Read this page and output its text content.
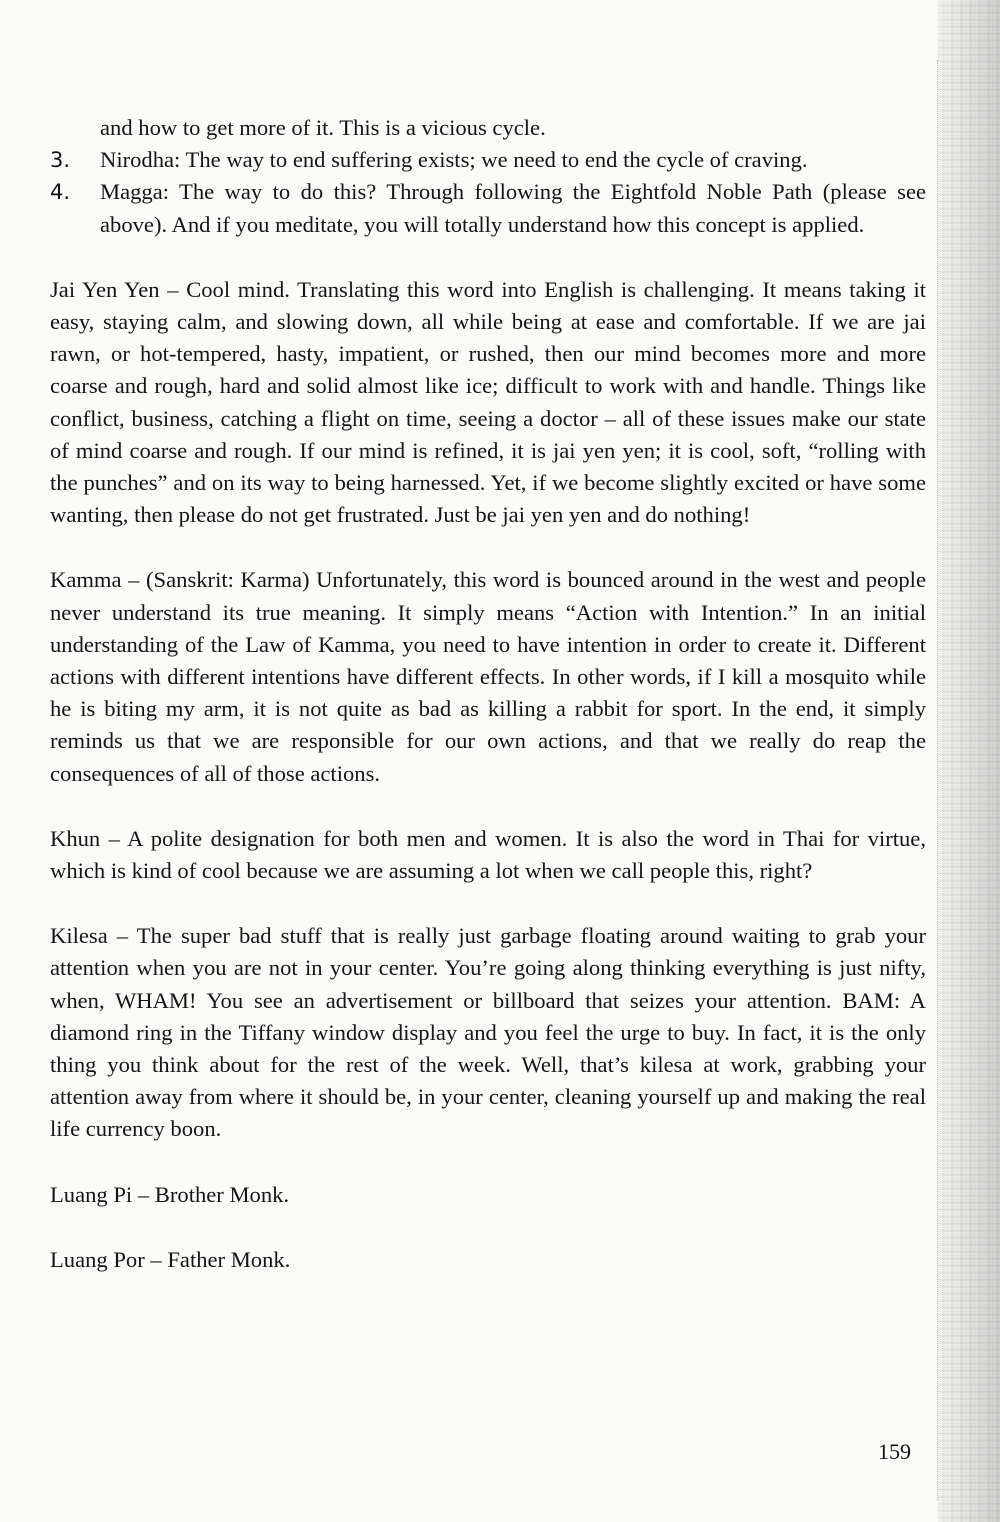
and how to get more of it. This is a vicious cycle.

3.	Nirodha: The way to end suffering exists; we need to end the cycle of craving.
4.	Magga: The way to do this? Through following the Eightfold Noble Path (please see above). And if you meditate, you will totally understand how this concept is applied.

Jai Yen Yen – Cool mind. Translating this word into English is challenging. It means taking it easy, staying calm, and slowing down, all while being at ease and comfortable. If we are jai rawn, or hot-tempered, hasty, impatient, or rushed, then our mind becomes more and more coarse and rough, hard and solid almost like ice; difficult to work with and handle. Things like conflict, business, catching a flight on time, seeing a doctor – all of these issues make our state of mind coarse and rough. If our mind is refined, it is jai yen yen; it is cool, soft, “rolling with the punches” and on its way to being harnessed. Yet, if we become slightly excited or have some wanting, then please do not get frustrated. Just be jai yen yen and do nothing!

Kamma – (Sanskrit: Karma) Unfortunately, this word is bounced around in the west and people never understand its true meaning. It simply means “Action with Intention.” In an initial understanding of the Law of Kamma, you need to have intention in order to create it. Different actions with different intentions have different effects. In other words, if I kill a mosquito while he is biting my arm, it is not quite as bad as killing a rabbit for sport. In the end, it simply reminds us that we are responsible for our own actions, and that we really do reap the consequences of all of those actions.

Khun – A polite designation for both men and women. It is also the word in Thai for virtue, which is kind of cool because we are assuming a lot when we call people this, right?

Kilesa – The super bad stuff that is really just garbage floating around waiting to grab your attention when you are not in your center. You’re going along thinking everything is just nifty, when, WHAM! You see an advertisement or billboard that seizes your attention. BAM: A diamond ring in the Tiffany window display and you feel the urge to buy. In fact, it is the only thing you think about for the rest of the week. Well, that’s kilesa at work, grabbing your attention away from where it should be, in your center, cleaning yourself up and making the real life currency boon.

Luang Pi – Brother Monk.

Luang Por – Father Monk.

159
